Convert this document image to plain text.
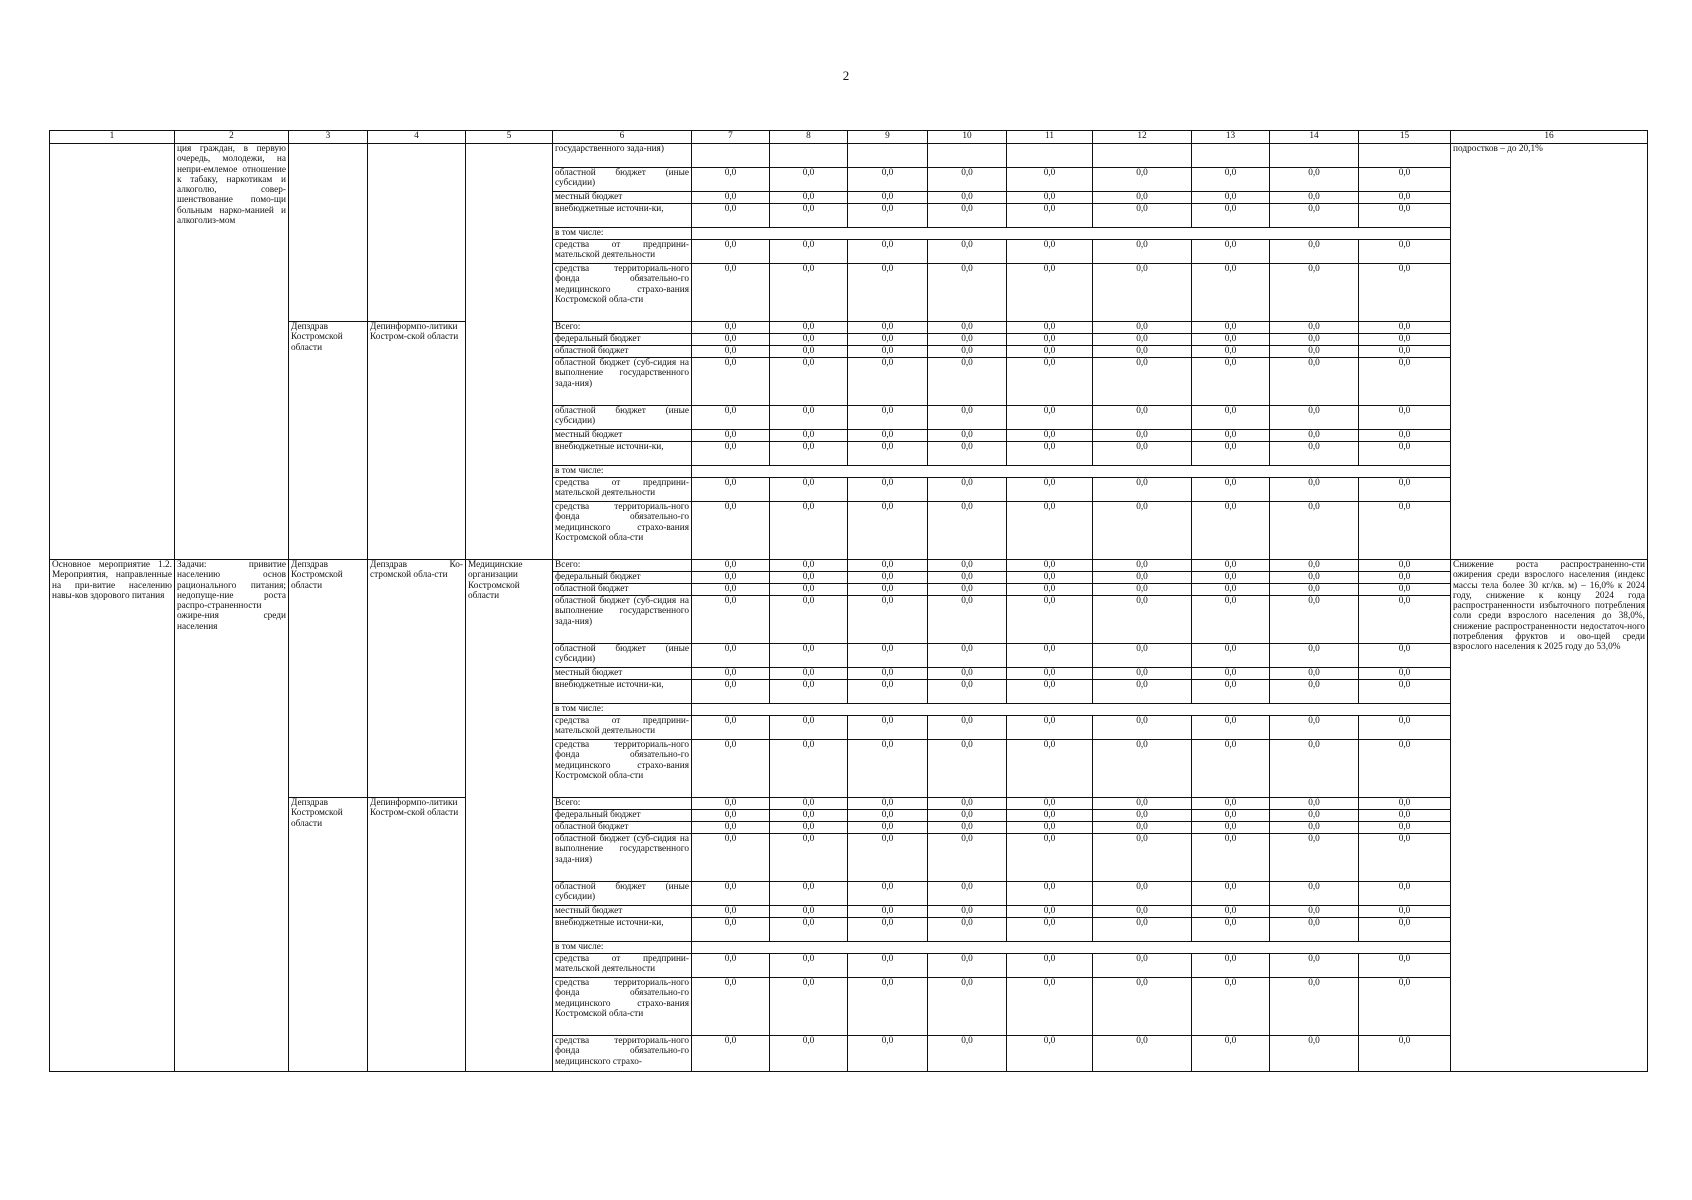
2
1	2	3	4	5	6	7	8	9	10	11	12	13	14	15	16
	ция граждан, в первую очередь, молодежи, на непри-емлемое отношение к табаку, наркотикам и алкоголю, совер-шенствование помо-щи больным нарко-манией и алкоголиз-мом				государственного зада-ния)										подростков – до 20,1%
					областной бюджет (иные субсидии)	0,0	0,0	0,0	0,0	0,0	0,0	0,0	0,0	0,0	
					местный бюджет	0,0	0,0	0,0	0,0	0,0	0,0	0,0	0,0	0,0	
					внебюджетные источни-ки,	0,0	0,0	0,0	0,0	0,0	0,0	0,0	0,0	0,0	
					в том числе:										
					средства от предприни-мательской деятельности	0,0	0,0	0,0	0,0	0,0	0,0	0,0	0,0	0,0	
					средства территориаль-ного фонда обязательно-го медицинского страхо-вания Костромской обла-сти	0,0	0,0	0,0	0,0	0,0	0,0	0,0	0,0	0,0	
		Депздрав Костромской области	Депинформпо-литики Костром-ской области		Всего:	0,0	0,0	0,0	0,0	0,0	0,0	0,0	0,0	0,0	
					федеральный бюджет	0,0	0,0	0,0	0,0	0,0	0,0	0,0	0,0	0,0	
					областной бюджет	0,0	0,0	0,0	0,0	0,0	0,0	0,0	0,0	0,0	
					областной бюджет (суб-сидия на выполнение государственного зада-ния)	0,0	0,0	0,0	0,0	0,0	0,0	0,0	0,0	0,0	
					областной бюджет (иные субсидии)	0,0	0,0	0,0	0,0	0,0	0,0	0,0	0,0	0,0	
					местный бюджет	0,0	0,0	0,0	0,0	0,0	0,0	0,0	0,0	0,0	
					внебюджетные источни-ки,	0,0	0,0	0,0	0,0	0,0	0,0	0,0	0,0	0,0	
					в том числе:										
					средства от предприни-мательской деятельности	0,0	0,0	0,0	0,0	0,0	0,0	0,0	0,0	0,0	
					средства территориаль-ного фонда обязательно-го медицинского страхо-вания Костромской обла-сти	0,0	0,0	0,0	0,0	0,0	0,0	0,0	0,0	0,0	
Основное мероприятие 1.2. Мероприятия, направленные на при-витие населению навы-ков здорового питания	Задачи: привитие населению основ рационального питания; недопуще-ние роста распро-страненности ожире-ния среди населения	Депздрав Костромской области	Депздрав Ко-стромской обла-сти	Медицинские организации Костромской области	Всего:	0,0	0,0	0,0	0,0	0,0	0,0	0,0	0,0	0,0	Снижение роста распространенно-сти ожирения среди взрослого населения (индекс массы тела более 30 кг/кв. м) – 16,0% к 2024 году, снижение к концу 2024 года распространенности избыточного потребления соли среди взрослого населения до 38,0%, снижение распространенности недостаточ-ного потребления фруктов и ово-щей среди взрослого населения к 2025 году до 53,0%
					федеральный бюджет	0,0	0,0	0,0	0,0	0,0	0,0	0,0	0,0	0,0	
					областной бюджет	0,0	0,0	0,0	0,0	0,0	0,0	0,0	0,0	0,0	
					областной бюджет (суб-сидия на выполнение государственного зада-ния)	0,0	0,0	0,0	0,0	0,0	0,0	0,0	0,0	0,0	
					областной бюджет (иные субсидии)	0,0	0,0	0,0	0,0	0,0	0,0	0,0	0,0	0,0	
					местный бюджет	0,0	0,0	0,0	0,0	0,0	0,0	0,0	0,0	0,0	
					внебюджетные источни-ки,	0,0	0,0	0,0	0,0	0,0	0,0	0,0	0,0	0,0	
					в том числе:										
					средства от предприни-мательской деятельности	0,0	0,0	0,0	0,0	0,0	0,0	0,0	0,0	0,0	
					средства территориаль-ного фонда обязательно-го медицинского страхо-вания Костромской обла-сти	0,0	0,0	0,0	0,0	0,0	0,0	0,0	0,0	0,0	
		Депздрав Костромской области	Депинформпо-литики Костром-ской области		Всего:	0,0	0,0	0,0	0,0	0,0	0,0	0,0	0,0	0,0	
					федеральный бюджет	0,0	0,0	0,0	0,0	0,0	0,0	0,0	0,0	0,0	
					областной бюджет	0,0	0,0	0,0	0,0	0,0	0,0	0,0	0,0	0,0	
					областной бюджет (суб-сидия на выполнение государственного зада-ния)	0,0	0,0	0,0	0,0	0,0	0,0	0,0	0,0	0,0	
					областной бюджет (иные субсидии)	0,0	0,0	0,0	0,0	0,0	0,0	0,0	0,0	0,0	
					местный бюджет	0,0	0,0	0,0	0,0	0,0	0,0	0,0	0,0	0,0	
					внебюджетные источни-ки,	0,0	0,0	0,0	0,0	0,0	0,0	0,0	0,0	0,0	
					в том числе:										
					средства от предприни-мательской деятельности	0,0	0,0	0,0	0,0	0,0	0,0	0,0	0,0	0,0	
					средства территориаль-ного фонда обязательно-го медицинского страхо-вания Костромской обла-сти	0,0	0,0	0,0	0,0	0,0	0,0	0,0	0,0	0,0	
					средства территориаль-ного фонда обязательно-го медицинского страхо-	0,0	0,0	0,0	0,0	0,0	0,0	0,0	0,0	0,0	
